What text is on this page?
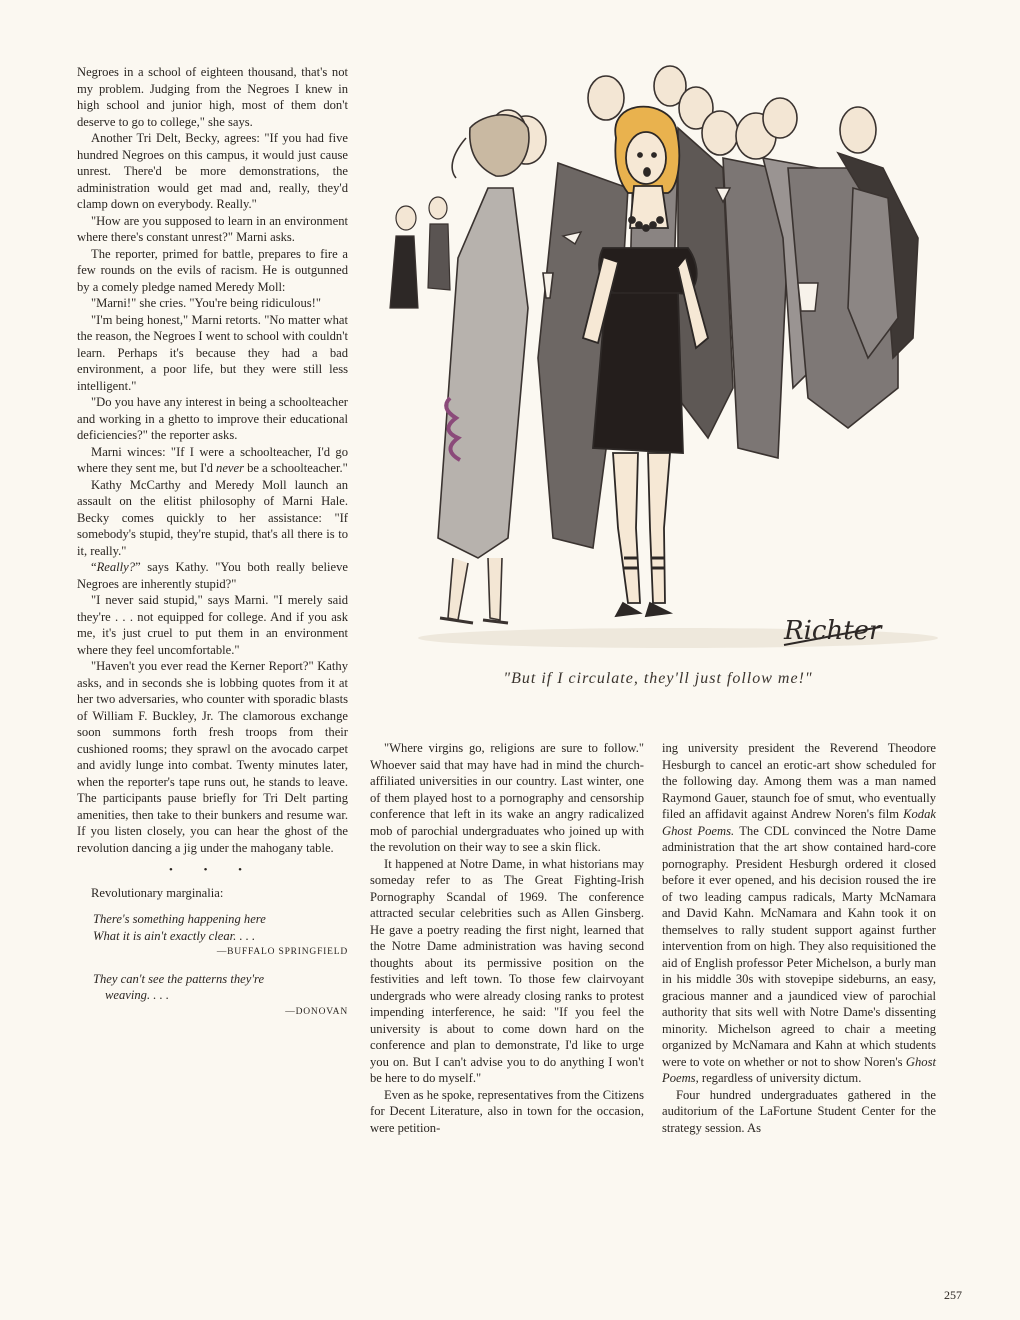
Negroes in a school of eighteen thousand, that's not my problem. Judging from the Negroes I knew in high school and junior high, most of them don't deserve to go to college," she says.

Another Tri Delt, Becky, agrees: "If you had five hundred Negroes on this campus, it would just cause unrest. There'd be more demonstrations, the administration would get mad and, really, they'd clamp down on everybody. Really."

"How are you supposed to learn in an environment where there's constant unrest?" Marni asks.

The reporter, primed for battle, prepares to fire a few rounds on the evils of racism. He is outgunned by a comely pledge named Meredy Moll:

"Marni!" she cries. "You're being ridiculous!"

"I'm being honest," Marni retorts. "No matter what the reason, the Negroes I went to school with couldn't learn. Perhaps it's because they had a bad environment, a poor life, but they were still less intelligent."

"Do you have any interest in being a schoolteacher and working in a ghetto to improve their educational deficiencies?" the reporter asks.

Marni winces: "If I were a schoolteacher, I'd go where they sent me, but I'd never be a schoolteacher."

Kathy McCarthy and Meredy Moll launch an assault on the elitist philosophy of Marni Hale. Becky comes quickly to her assistance: "If somebody's stupid, they're stupid, that's all there is to it, really."

“Really?” says Kathy. "You both really believe Negroes are inherently stupid?"

"I never said stupid," says Marni. "I merely said they're . . . not equipped for college. And if you ask me, it's just cruel to put them in an environment where they feel uncomfortable."

"Haven't you ever read the Kerner Report?" Kathy asks, and in seconds she is lobbing quotes from it at her two adversaries, who counter with sporadic blasts of William F. Buckley, Jr. The clamorous exchange soon summons forth fresh troops from their cushioned rooms; they sprawl on the avocado carpet and avidly lunge into combat. Twenty minutes later, when the reporter's tape runs out, he stands to leave. The participants pause briefly for Tri Delt parting amenities, then take to their bunkers and resume war. If you listen closely, you can hear the ghost of the revolution dancing a jig under the mahogany table.

• • •

Revolutionary marginalia:

There's something happening here

What it is ain't exactly clear. . . .

—BUFFALO SPRINGFIELD

They can't see the patterns they're

weaving. . . .

—DONOVAN

Richter
"But if I circulate, they'll just follow me!"

"Where virgins go, religions are sure to follow." Whoever said that may have had in mind the church-affiliated universities in our country. Last winter, one of them played host to a pornography and censorship conference that left in its wake an angry radicalized mob of parochial undergraduates who joined up with the revolution on their way to see a skin flick.

It happened at Notre Dame, in what historians may someday refer to as The Great Fighting-Irish Pornography Scandal of 1969. The conference attracted secular celebrities such as Allen Ginsberg. He gave a poetry reading the first night, learned that the Notre Dame administration was having second thoughts about its permissive position on the festivities and left town. To those few clairvoyant undergrads who were already closing ranks to protest impending interference, he said: "If you feel the university is about to come down hard on the conference and plan to demonstrate, I'd like to urge you on. But I can't advise you to do anything I won't be here to do myself."

Even as he spoke, representatives from the Citizens for Decent Literature, also in town for the occasion, were petition-

ing university president the Reverend Theodore Hesburgh to cancel an erotic-art show scheduled for the following day. Among them was a man named Raymond Gauer, staunch foe of smut, who eventually filed an affidavit against Andrew Noren's film Kodak Ghost Poems. The CDL convinced the Notre Dame administration that the art show contained hard-core pornography. President Hesburgh ordered it closed before it ever opened, and his decision roused the ire of two leading campus radicals, Marty McNamara and David Kahn. McNamara and Kahn took it on themselves to rally student support against further intervention from on high. They also requisitioned the aid of English professor Peter Michelson, a burly man in his middle 30s with stovepipe sideburns, an easy, gracious manner and a jaundiced view of parochial authority that sits well with Notre Dame's dissenting minority. Michelson agreed to chair a meeting organized by McNamara and Kahn at which students were to vote on whether or not to show Noren's Ghost Poems, regardless of university dictum.

Four hundred undergraduates gathered in the auditorium of the LaFortune Student Center for the strategy session. As

257
